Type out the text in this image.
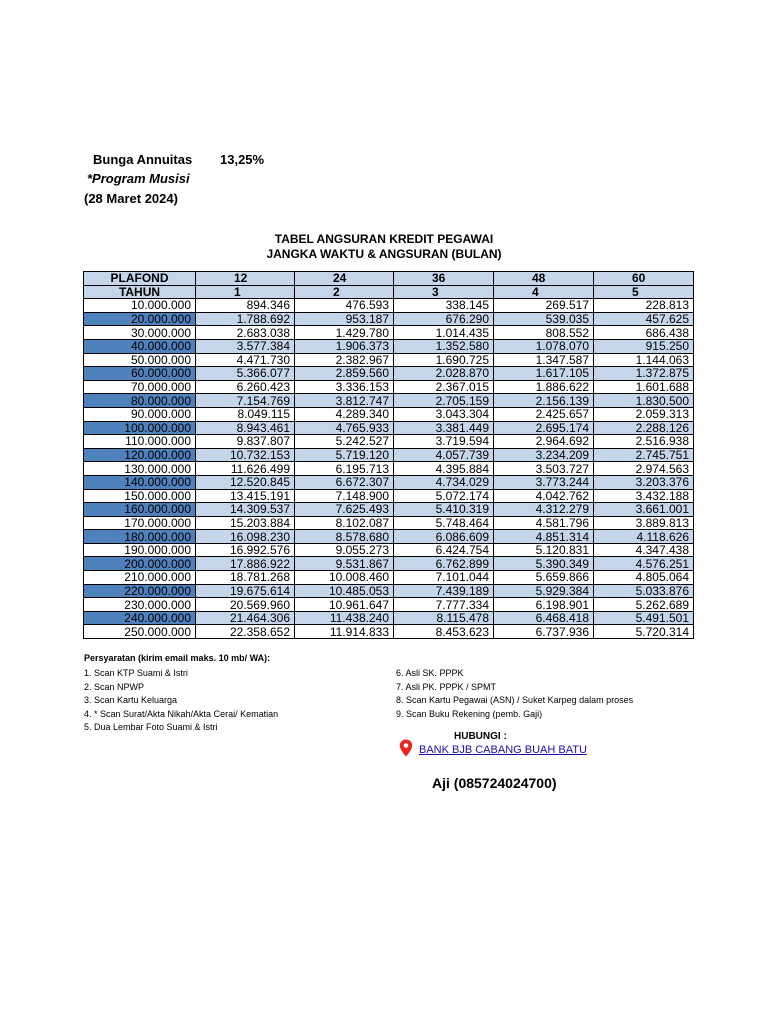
Bunga Annuitas 13,25%
*Program Musisi
(28 Maret 2024)
TABEL ANGSURAN KREDIT PEGAWAI
JANGKA WAKTU & ANGSURAN (BULAN)
PLAFOND	12	24	36	48	60
TAHUN	1	2	3	4	5
10.000.000	894.346	476.593	338.145	269.517	228.813
20.000.000	1.788.692	953.187	676.290	539.035	457.625
30.000.000	2.683.038	1.429.780	1.014.435	808.552	686.438
40.000.000	3.577.384	1.906.373	1.352.580	1.078.070	915.250
50.000.000	4.471.730	2.382.967	1.690.725	1.347.587	1.144.063
60.000.000	5.366.077	2.859.560	2.028.870	1.617.105	1.372.875
70.000.000	6.260.423	3.336.153	2.367.015	1.886.622	1.601.688
80.000.000	7.154.769	3.812.747	2.705.159	2.156.139	1.830.500
90.000.000	8.049.115	4.289.340	3.043.304	2.425.657	2.059.313
100.000.000	8.943.461	4.765.933	3.381.449	2.695.174	2.288.126
110.000.000	9.837.807	5.242.527	3.719.594	2.964.692	2.516.938
120.000.000	10.732.153	5.719.120	4.057.739	3.234.209	2.745.751
130.000.000	11.626.499	6.195.713	4.395.884	3.503.727	2.974.563
140.000.000	12.520.845	6.672.307	4.734.029	3.773.244	3.203.376
150.000.000	13.415.191	7.148.900	5.072.174	4.042.762	3.432.188
160.000.000	14.309.537	7.625.493	5.410.319	4.312.279	3.661.001
170.000.000	15.203.884	8.102.087	5.748.464	4.581.796	3.889.813
180.000.000	16.098.230	8.578.680	6.086.609	4.851.314	4.118.626
190.000.000	16.992.576	9.055.273	6.424.754	5.120.831	4.347.438
200.000.000	17.886.922	9.531.867	6.762.899	5.390.349	4.576.251
210.000.000	18.781.268	10.008.460	7.101.044	5.659.866	4.805.064
220.000.000	19.675.614	10.485.053	7.439.189	5.929.384	5.033.876
230.000.000	20.569.960	10.961.647	7.777.334	6.198.901	5.262.689
240.000.000	21.464.306	11.438.240	8.115.478	6.468.418	5.491.501
250.000.000	22.358.652	11.914.833	8.453.623	6.737.936	5.720.314
Persyaratan (kirim email maks. 10 mb/ WA):
1. Scan KTP Suami & Istri
2. Scan NPWP
3. Scan Kartu Keluarga
4. * Scan Surat/Akta Nikah/Akta Cerai/ Kematian
5. Dua Lembar Foto Suami & Istri
6. Asli SK. PPPK
7. Asli PK. PPPK / SPMT
8. Scan Kartu Pegawai (ASN) / Suket Karpeg dalam proses
9. Scan Buku Rekening (pemb. Gaji)
HUBUNGI :
BANK BJB CABANG BUAH BATU
Aji (085724024700)
